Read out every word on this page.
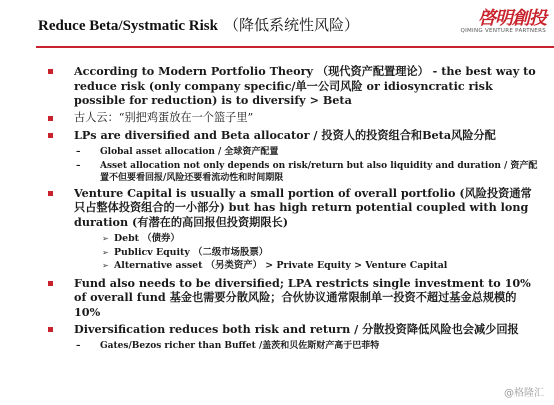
Reduce Beta/Systmatic Risk （降低系统性风险）	啓明創投
QIMING VENTURE PARTNERS
According to Modern Portfolio Theory （现代资产配置理论） - the best way to reduce risk (only company specific/单一公司风险 or idiosyncratic risk possible for reduction) is to diversify > Beta
古人云：“别把鸡蛋放在一个篮子里”
LPs are diversified and Beta allocator / 投资人的投资组合和Beta风险分配
– Global asset allocation / 全球资产配置
– Asset allocation not only depends on risk/return but also liquidity and duration / 资产配置不但要看回报/风险还要看流动性和时间期限
Venture Capital is usually a small portion of overall portfolio (风险投资通常只占整体投资组合的一小部分) but has high return potential coupled with long duration (有潜在的高回报但投资期限长)
➢ Debt （债券）
➢ Publicv Equity （二级市场股票）
➢ Alternative asset （另类资产） > Private Equity > Venture Capital
Fund also needs to be diversified; LPA restricts single investment to 10% of overall fund 基金也需要分散风险；合伙协议通常限制单一投资不超过基金总规模的10%
Diversification reduces both risk and return / 分散投资降低风险也会减少回报
– Gates/Bezos richer than Buffet /盖茨和贝佐斯财产高于巴菲特
@格隆汇
